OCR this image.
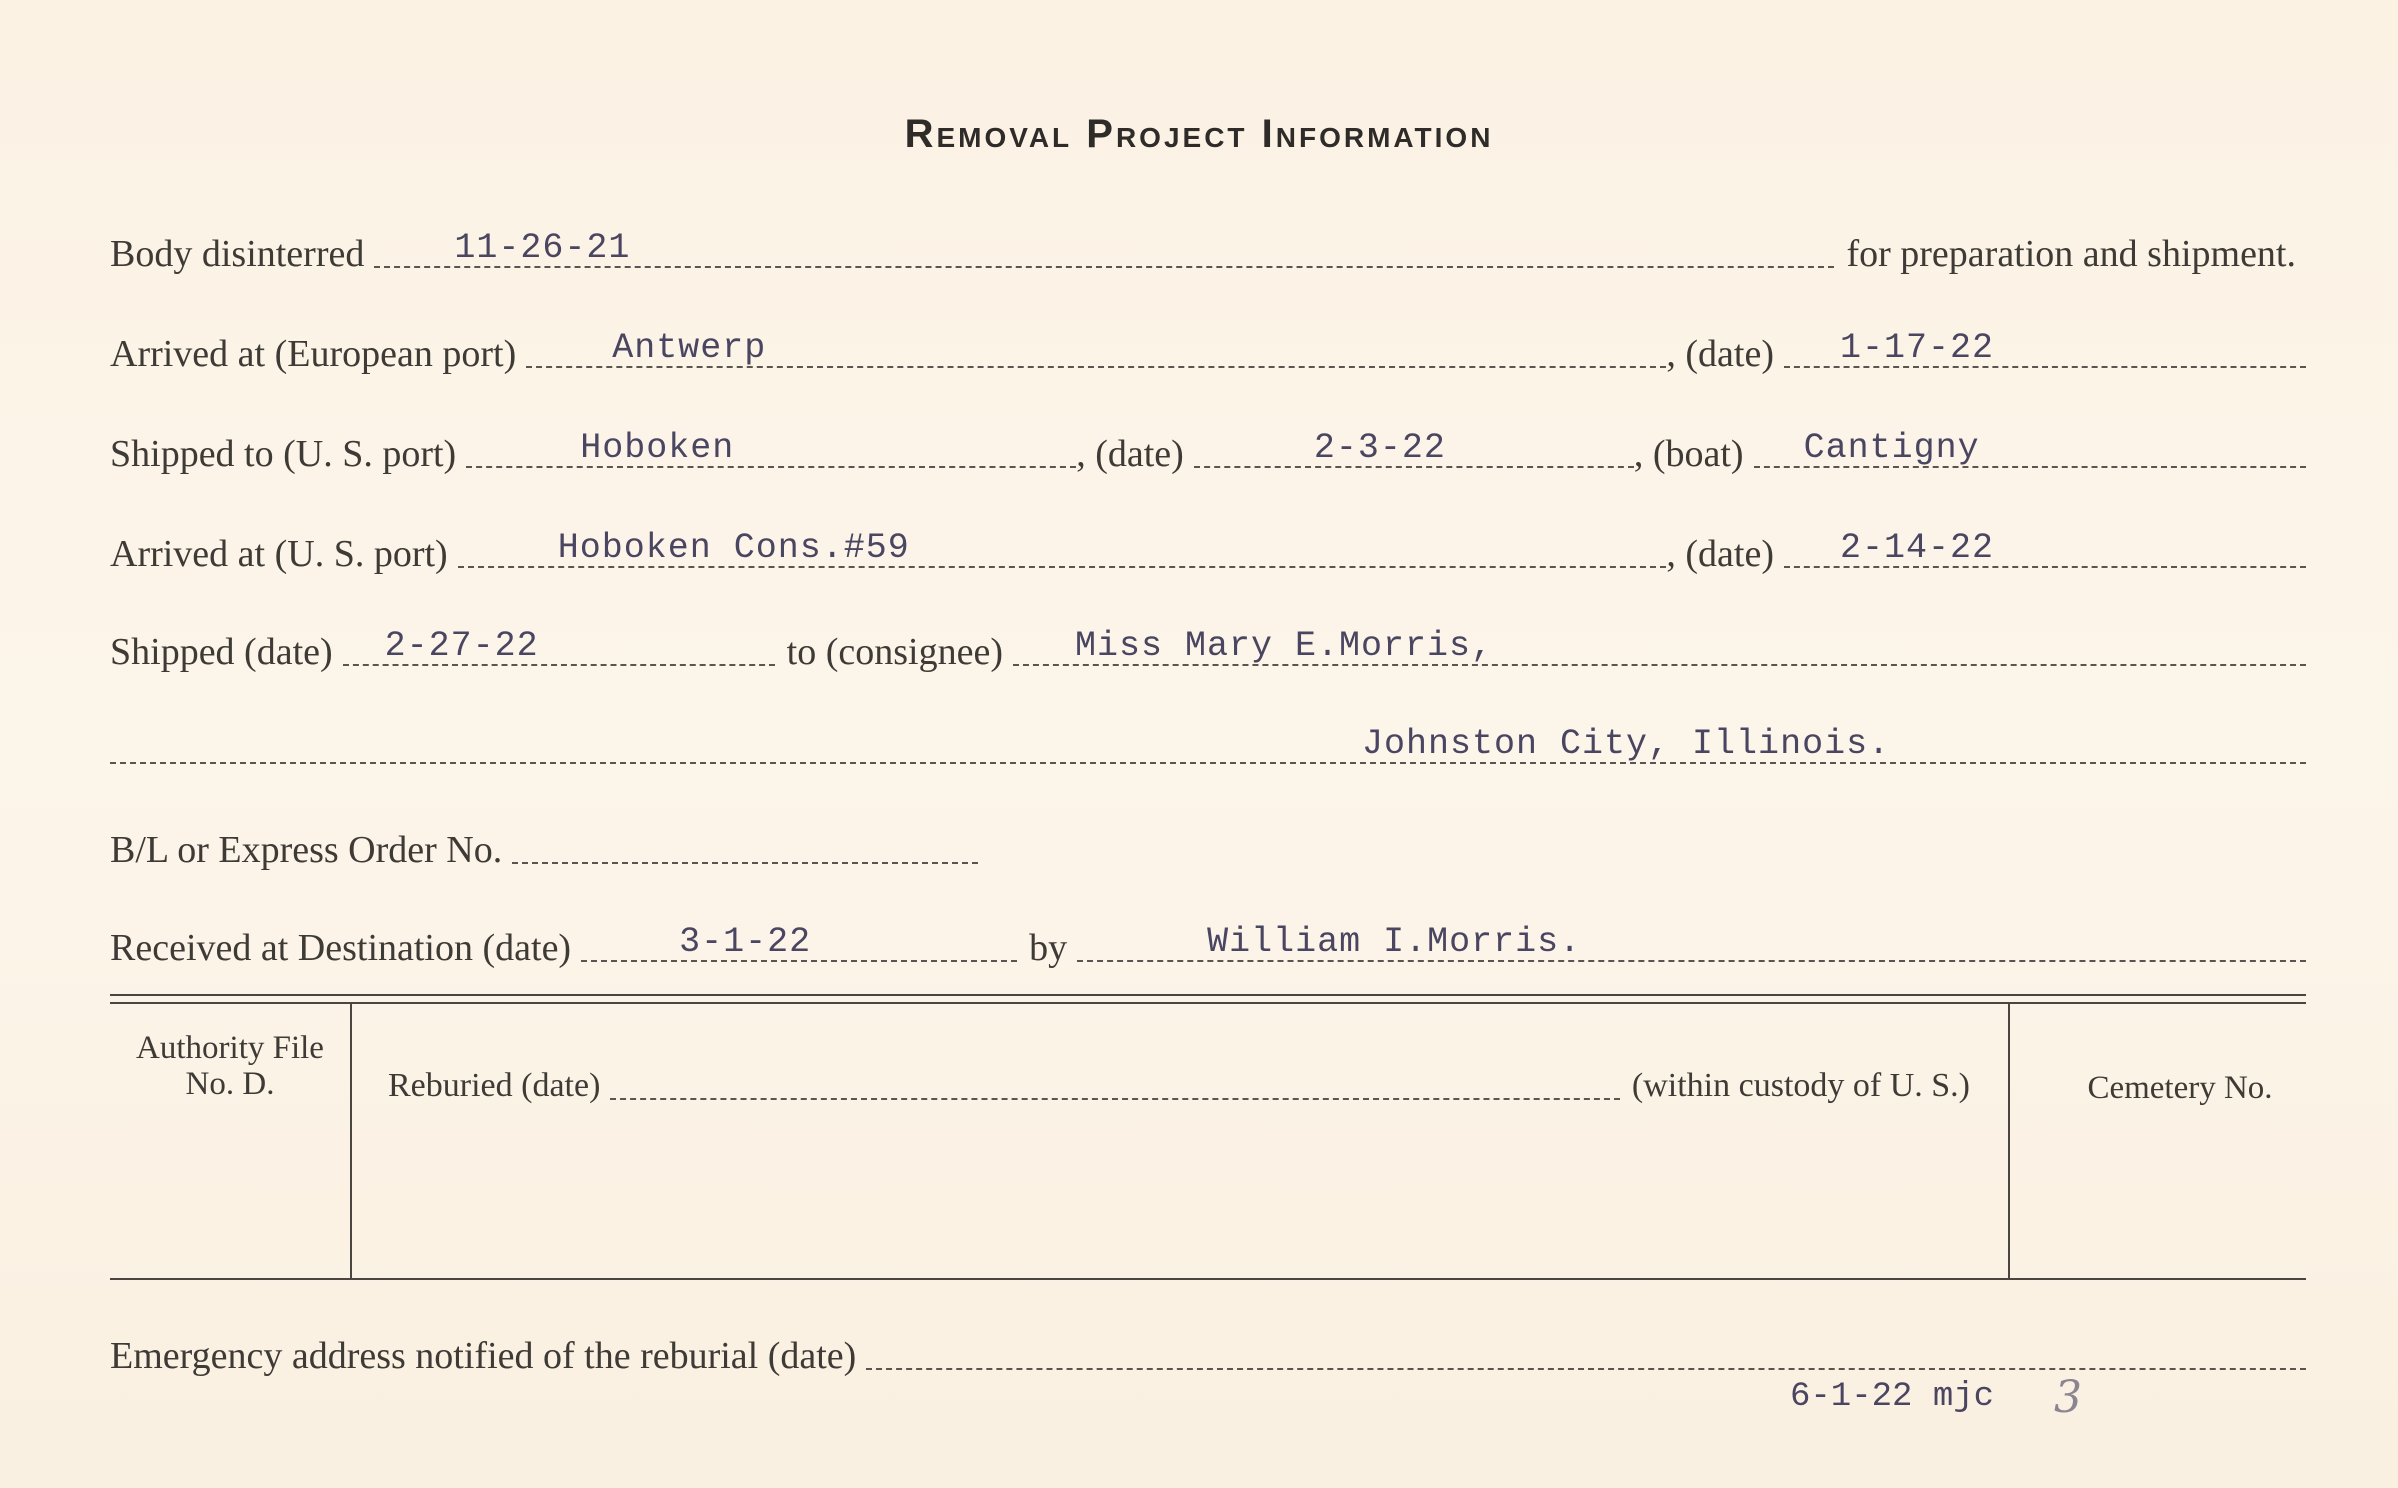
Removal Project Information
Body disinterred	11-26-21	for preparation and shipment.
Arrived at (European port)	Antwerp	, (date) 1-17-22
Shipped to (U. S. port)	Hoboken	, (date)	2-3-22	, (boat) Cantigny
Arrived at (U. S. port)	Hoboken Cons.#59	, (date) 2-14-22
Shipped (date) 2-27-22	to (consignee) Miss Mary E.Morris,
Johnston City, Illinois.
B/L or Express Order No.
Received at Destination (date)	3-1-22	by	William I.Morris.
Authority File No. D.	Reburied (date)	(within custody of U. S.)	Cemetery No.
Emergency address notified of the reburial (date)
6-1-22 mjc 3
